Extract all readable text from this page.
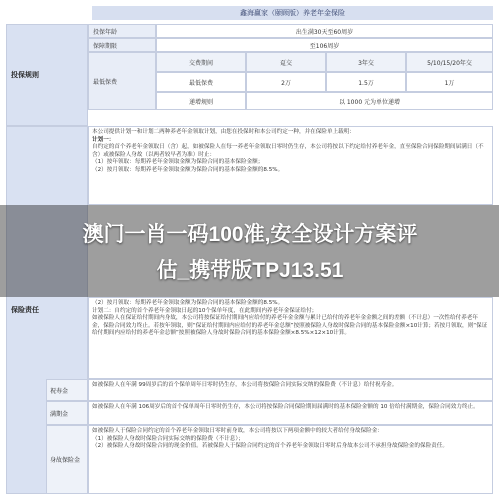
鑫海赢家（颐顾版）养老年金保险
投保规则
投保年龄	出生满30天至60周岁
保障期限	至106周岁
最低保费
交费期间	趸交	3年交	5/10/15/20年交
最低保费	2万	1.5万	1万
递增规则	以 1000 元为单位递增
保险责任

本公司提供计划一和计划二两种养老年金领取计划，由您在投保时和本公司约定一种，并在保险单上载明：

计划一：

自约定的首个养老年金领取日（含）起，如被保险人在每一养老年金领取日零时仍生存，本公司将按以下约定给付养老年金，直至保险合同保险期间届满日（不含）或被保险人身故（以两者较早者为准）时止：

（1）按年领取：每期养老年金领取金额为保险合同的基本保险金额；

（2）按月领取：每期养老年金领取金额为保险合同的基本保险金额的8.5%。

（2）按月领取：每期养老年金领取金额为保险合同的基本保险金额的8.5%。

计划二：自约定的首个养老年金领取日起的10个保单年度，在此期间内养老年金保证给付；

如被保险人在保证给付期间内身故，本公司将按保证给付期间内应给付的养老年金金额与累计已给付的养老年金金额之间的差额（不计息）一次性给付养老年金，保险合同效力终止。若按年领取，则“保证给付期间内应给付的养老年金总额”按照被保险人身故时保险合同的基本保险金额×10计算；若按月领取，则“保证给付期间内应给付的养老年金总额”按照被保险人身故时保险合同的基本保险金额×8.5%×12×10计算。

祝寿金
如被保险人在年满 99周岁后的首个保单周年日零时仍生存，本公司将按保险合同实际交纳的保险费（不计息）给付祝寿金。
满期金
如被保险人在年满 106周岁后的首个保单周年日零时仍生存，本公司将按保险合同保险期间届满时的基本保险金额的 10 倍给付满期金，保险合同效力终止。
身故保险金

如被保险人于保险合同约定的首个养老年金领取日零时前身故，本公司将按以下两项金额中的较大者给付身故保险金：

（1）被保险人身故时保险合同实际交纳的保险费（不计息）；

（2）被保险人身故时保险合同的现金价值。若被保险人于保险合同约定的首个养老年金领取日零时后身故本公司不承担身故保险金的保险责任。

澳门一肖一码100准,安全设计方案评
估_携带版TPJ13.51
